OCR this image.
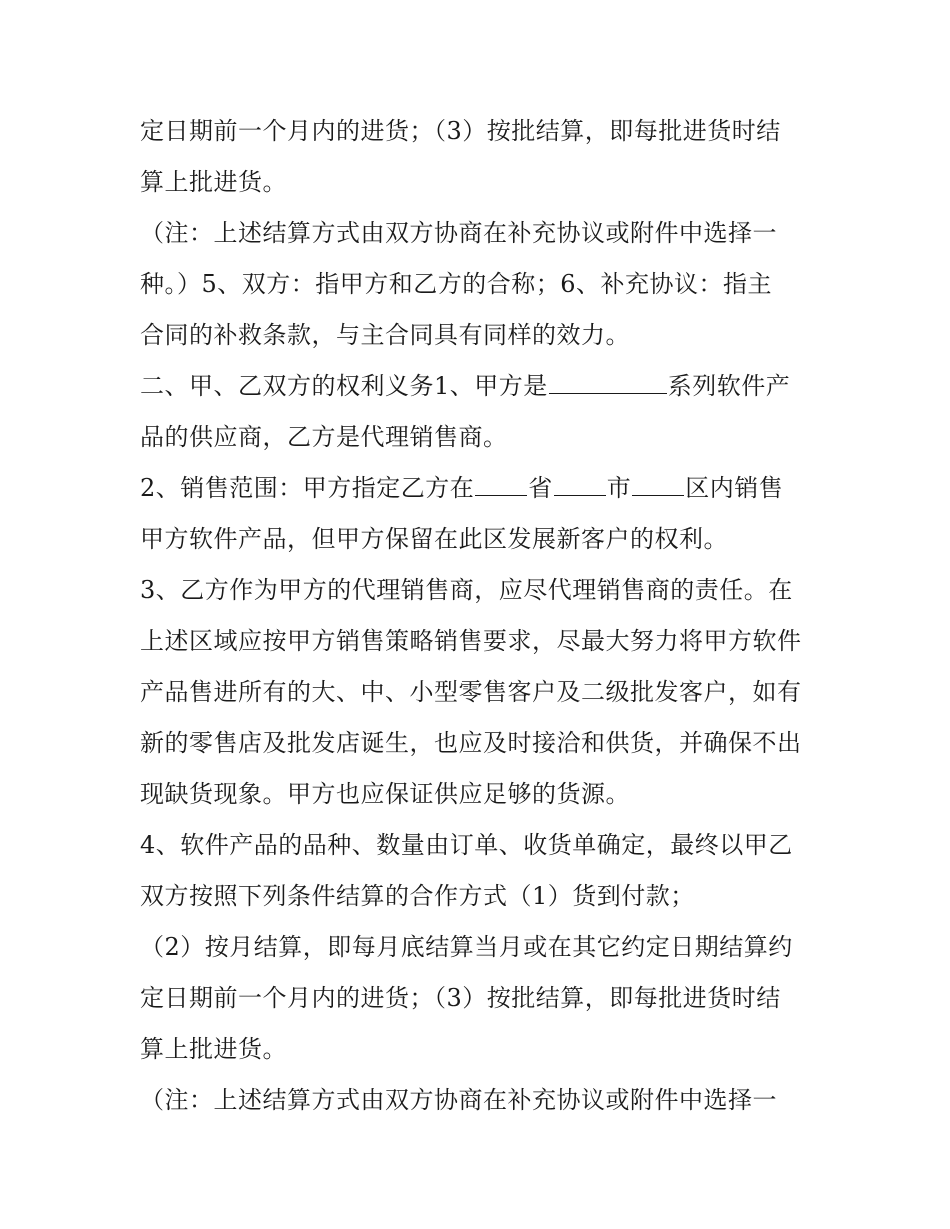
定日期前一个月内的进货；（3）按批结算，即每批进货时结
算上批进货。
（注：上述结算方式由双方协商在补充协议或附件中选择一
种。）5、双方：指甲方和乙方的合称；6、补充协议：指主
合同的补救条款，与主合同具有同样的效力。
二、甲、乙双方的权利义务1、甲方是	系列软件产
品的供应商，乙方是代理销售商。
2、销售范围：甲方指定乙方在 省 市 区内销售
甲方软件产品，但甲方保留在此区发展新客户的权利。
3、乙方作为甲方的代理销售商，应尽代理销售商的责任。在
上述区域应按甲方销售策略销售要求，尽最大努力将甲方软件
产品售进所有的大、中、小型零售客户及二级批发客户，如有
新的零售店及批发店诞生，也应及时接洽和供货，并确保不出
现缺货现象。甲方也应保证供应足够的货源。
4、软件产品的品种、数量由订单、收货单确定，最终以甲乙
双方按照下列条件结算的合作方式（1）货到付款；
（2）按月结算，即每月底结算当月或在其它约定日期结算约
定日期前一个月内的进货；（3）按批结算，即每批进货时结
算上批进货。
（注：上述结算方式由双方协商在补充协议或附件中选择一
